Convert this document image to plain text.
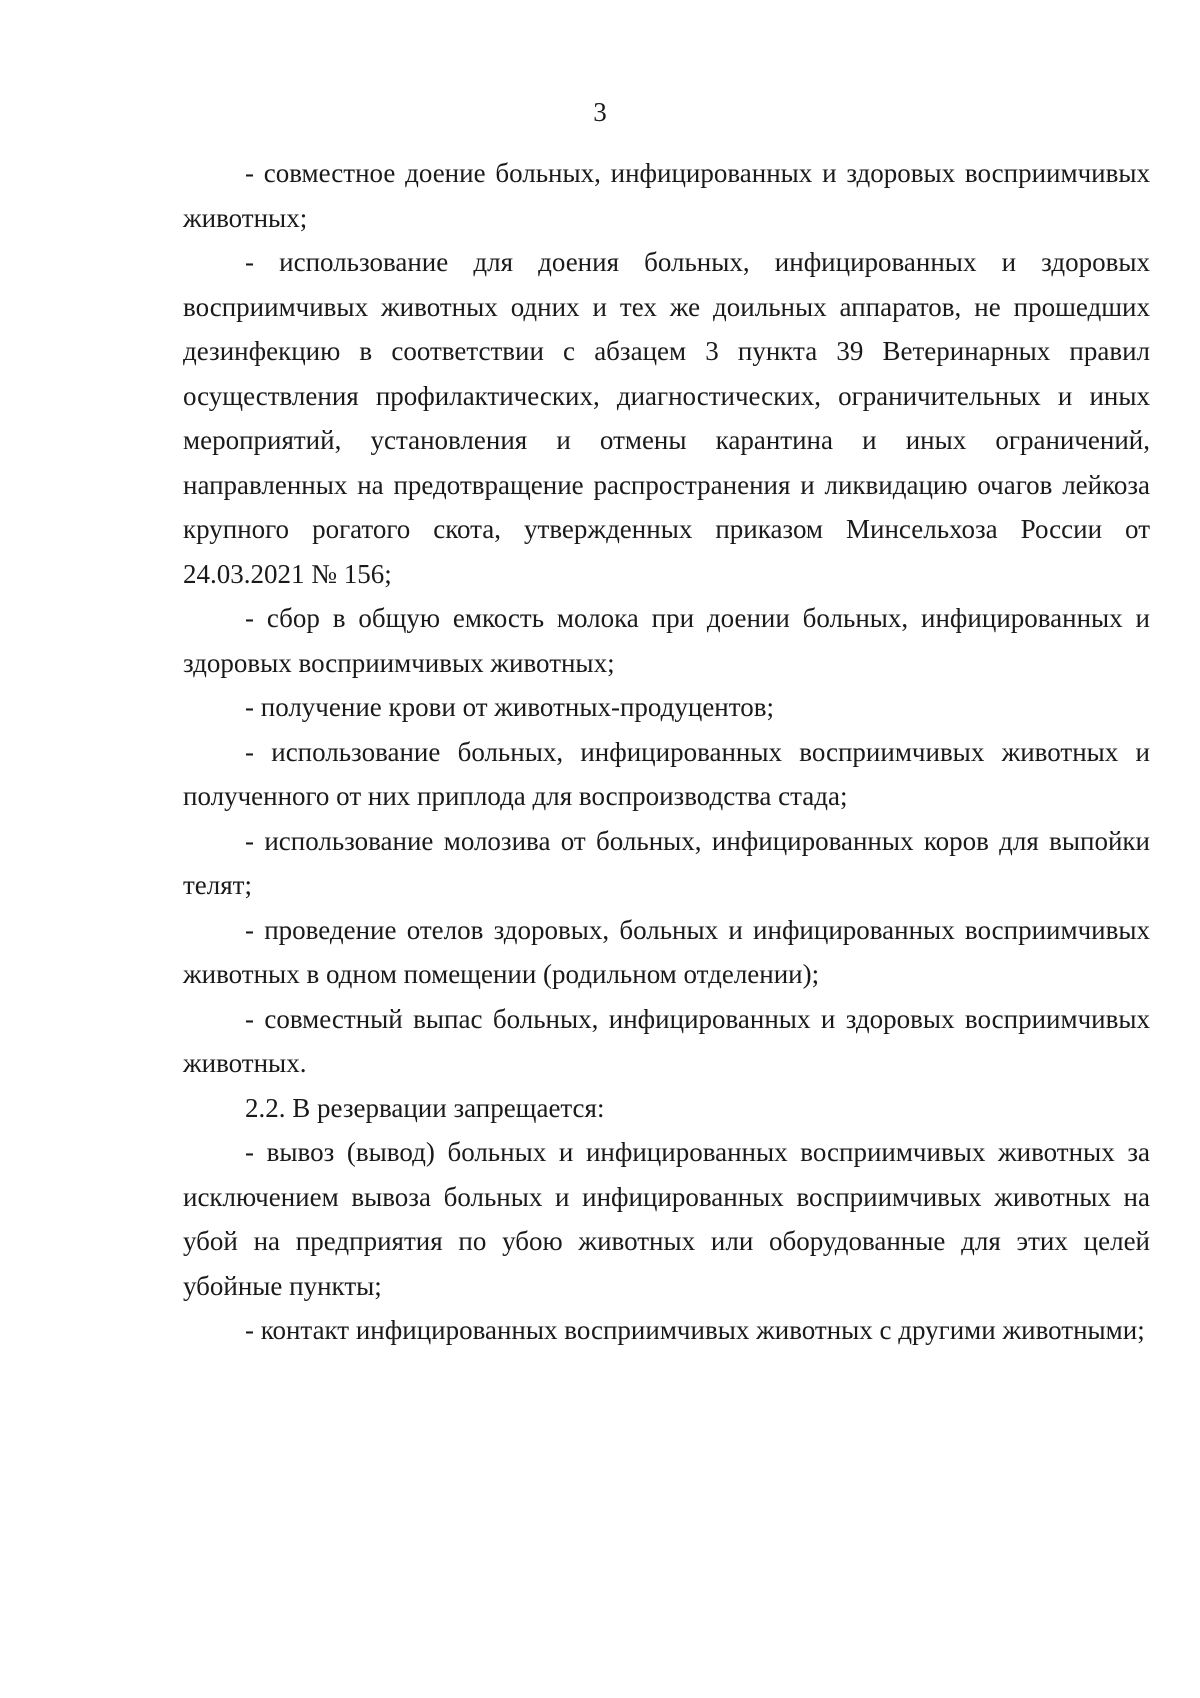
3

- совместное доение больных, инфицированных и здоровых восприимчивых животных;

- использование для доения больных, инфицированных и здоровых восприимчивых животных одних и тех же доильных аппаратов, не прошедших дезинфекцию в соответствии с абзацем 3 пункта 39 Ветеринарных правил осуществления профилактических, диагностических, ограничительных и иных мероприятий, установления и отмены карантина и иных ограничений, направленных на предотвращение распространения и ликвидацию очагов лейкоза крупного рогатого скота, утвержденных приказом Минсельхоза России от 24.03.2021 № 156;

- сбор в общую емкость молока при доении больных, инфицированных и здоровых восприимчивых животных;

- получение крови от животных-продуцентов;

- использование больных, инфицированных восприимчивых животных и полученного от них приплода для воспроизводства стада;

- использование молозива от больных, инфицированных коров для выпойки телят;

- проведение отелов здоровых, больных и инфицированных восприимчивых животных в одном помещении (родильном отделении);

- совместный выпас больных, инфицированных и здоровых восприимчивых животных.

2.2. В резервации запрещается:

- вывоз (вывод) больных и инфицированных восприимчивых животных за исключением вывоза больных и инфицированных восприимчивых животных на убой на предприятия по убою животных или оборудованные для этих целей убойные пункты;

- контакт инфицированных восприимчивых животных с другими животными;
